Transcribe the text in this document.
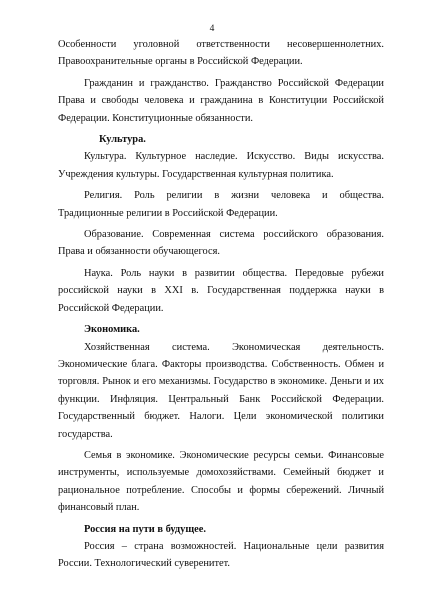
4

Особенности уголовной ответственности несовершеннолетних. Правоохранительные органы в Российской Федерации.

Гражданин и гражданство. Гражданство Российской Федерации Права и свободы человека и гражданина в Конституции Российской Федерации. Конституционные обязанности.

Культура.

Культура. Культурное наследие. Искусство. Виды искусства. Учреждения культуры. Государственная культурная политика.

Религия. Роль религии в жизни человека и общества. Традиционные религии в Российской Федерации.

Образование. Современная система российского образования. Права и обязанности обучающегося.

Наука. Роль науки в развитии общества. Передовые рубежи российской науки в XXI в. Государственная поддержка науки в Российской Федерации.

Экономика.

Хозяйственная система. Экономическая деятельность. Экономические блага. Факторы производства. Собственность. Обмен и торговля. Рынок и его механизмы. Государство в экономике. Деньги и их функции. Инфляция. Центральный Банк Российской Федерации. Государственный бюджет. Налоги. Цели экономической политики государства.

Семья в экономике. Экономические ресурсы семьи. Финансовые инструменты, используемые домохозяйствами. Семейный бюджет и рациональное потребление. Способы и формы сбережений. Личный финансовый план.

Россия на пути в будущее.

Россия – страна возможностей. Национальные цели развития России. Технологический суверенитет.
